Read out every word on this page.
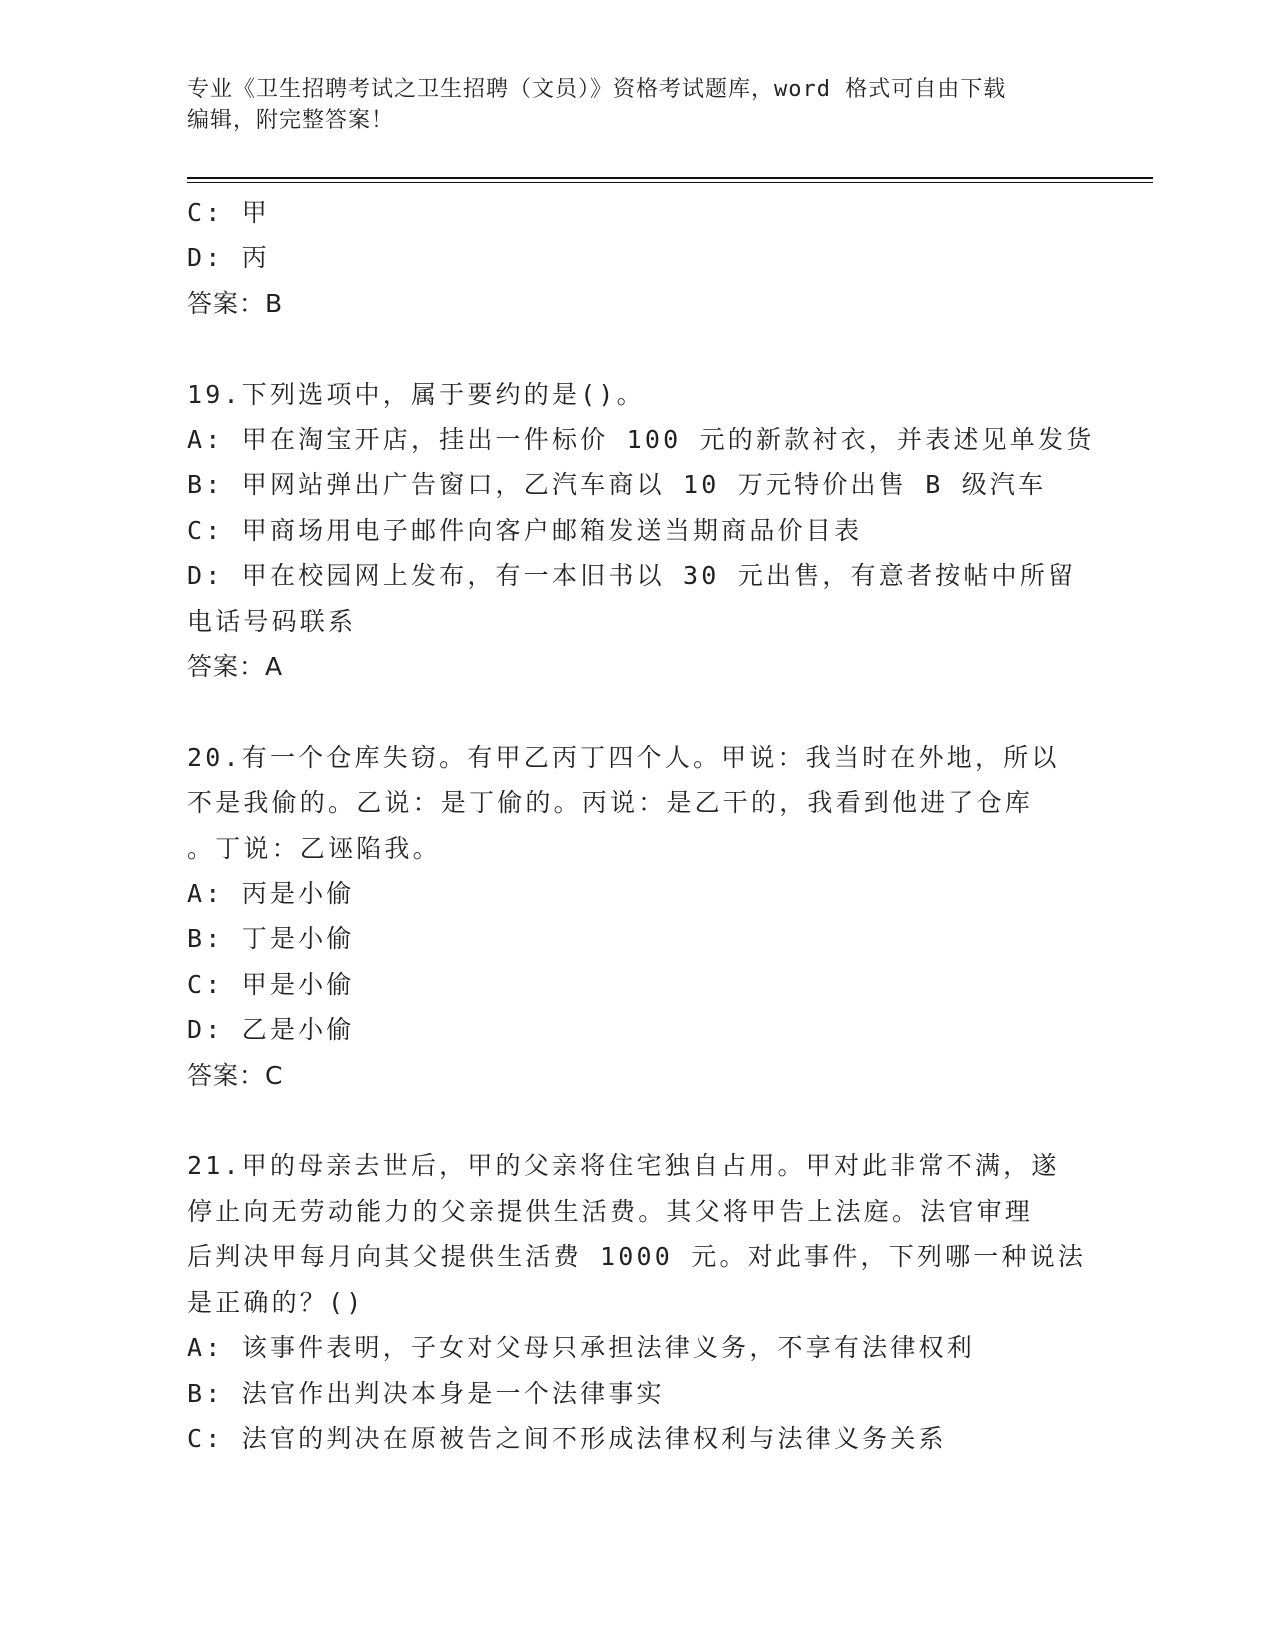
专业《卫生招聘考试之卫生招聘（文员）》资格考试题库，word 格式可自由下载
编辑，附完整答案！
C: 甲
D: 丙
答案：B
19.下列选项中，属于要约的是()。
A: 甲在淘宝开店，挂出一件标价 100 元的新款衬衣，并表述见单发货
B: 甲网站弹出广告窗口，乙汽车商以 10 万元特价出售 B 级汽车
C: 甲商场用电子邮件向客户邮箱发送当期商品价目表
D: 甲在校园网上发布，有一本旧书以 30 元出售，有意者按帖中所留
电话号码联系
答案：A
20.有一个仓库失窃。有甲乙丙丁四个人。甲说：我当时在外地，所以
不是我偷的。乙说：是丁偷的。丙说：是乙干的，我看到他进了仓库
。丁说：乙诬陷我。
A: 丙是小偷
B: 丁是小偷
C: 甲是小偷
D: 乙是小偷
答案：C
21.甲的母亲去世后，甲的父亲将住宅独自占用。甲对此非常不满，遂
停止向无劳动能力的父亲提供生活费。其父将甲告上法庭。法官审理
后判决甲每月向其父提供生活费 1000 元。对此事件，下列哪一种说法
是正确的？()
A: 该事件表明，子女对父母只承担法律义务，不享有法律权利
B: 法官作出判决本身是一个法律事实
C: 法官的判决在原被告之间不形成法律权利与法律义务关系
